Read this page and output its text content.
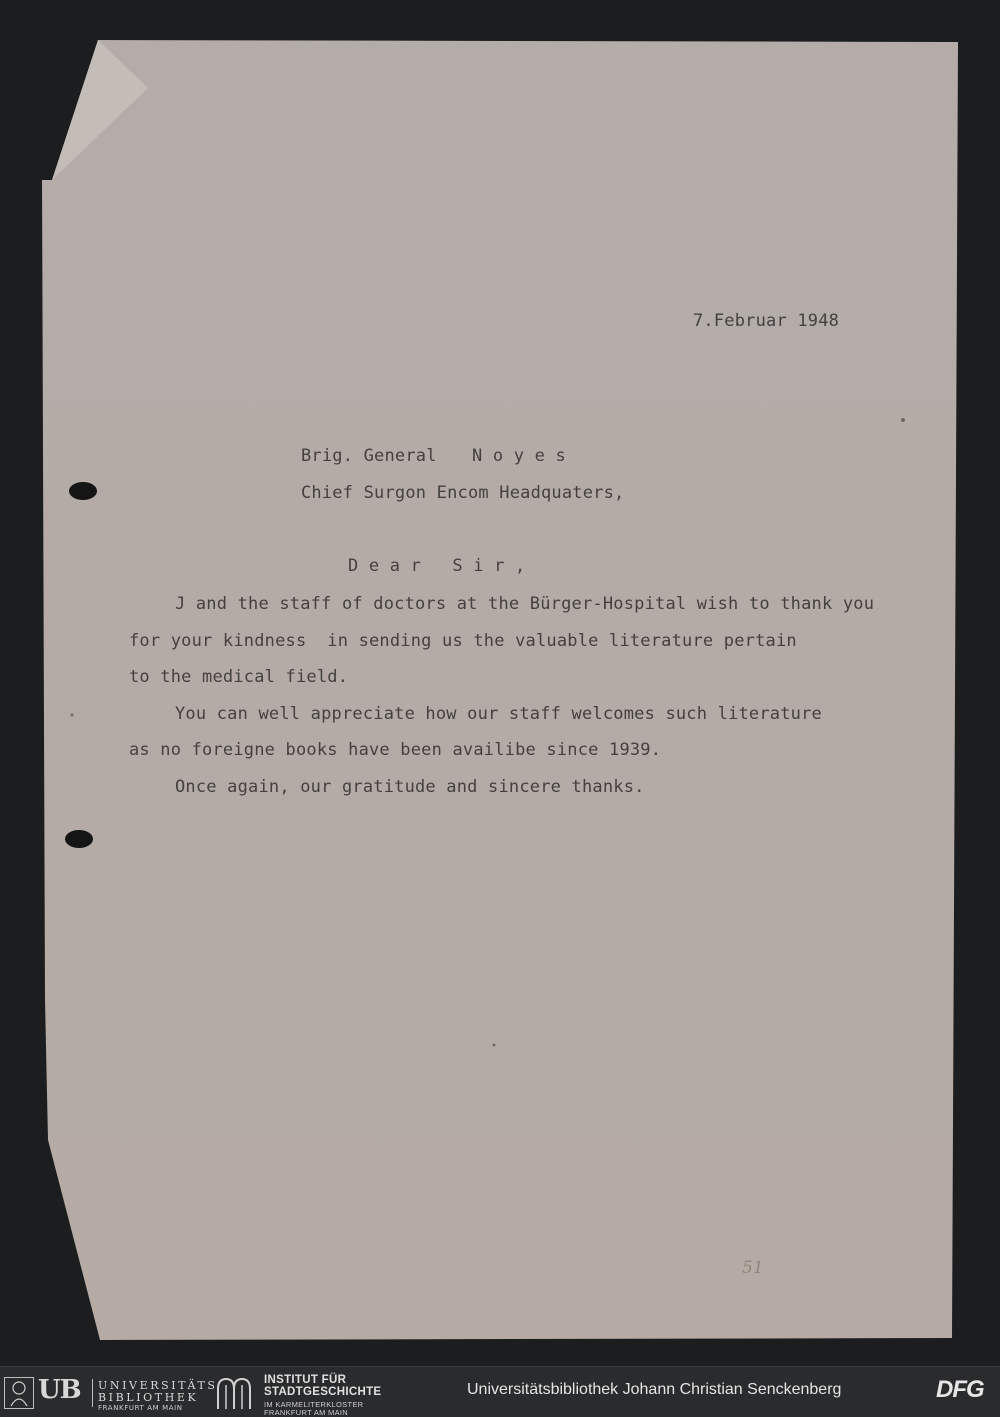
7.Februar 1948
Brig. General N o y e s
Chief Surgon Encom Headquaters,
D e a r   S i r ,
J and the staff of doctors at the Bürger-Hospital wish to thank you
for your kindness  in sending us the valuable literature pertain
to the medical field.
You can well appreciate how our staff welcomes such literature
as no foreigne books have been availibe since 1939.
Once again, our gratitude and sincere thanks.
51
UB UNIVERSITÄTS
BIBLIOTHEK
FRANKFURT AM MAIN
INSTITUT FÜR
STADTGESCHICHTE
IM KARMELITERKLOSTER
FRANKFURT AM MAIN
Universitätsbibliothek Johann Christian Senckenberg	DFG
